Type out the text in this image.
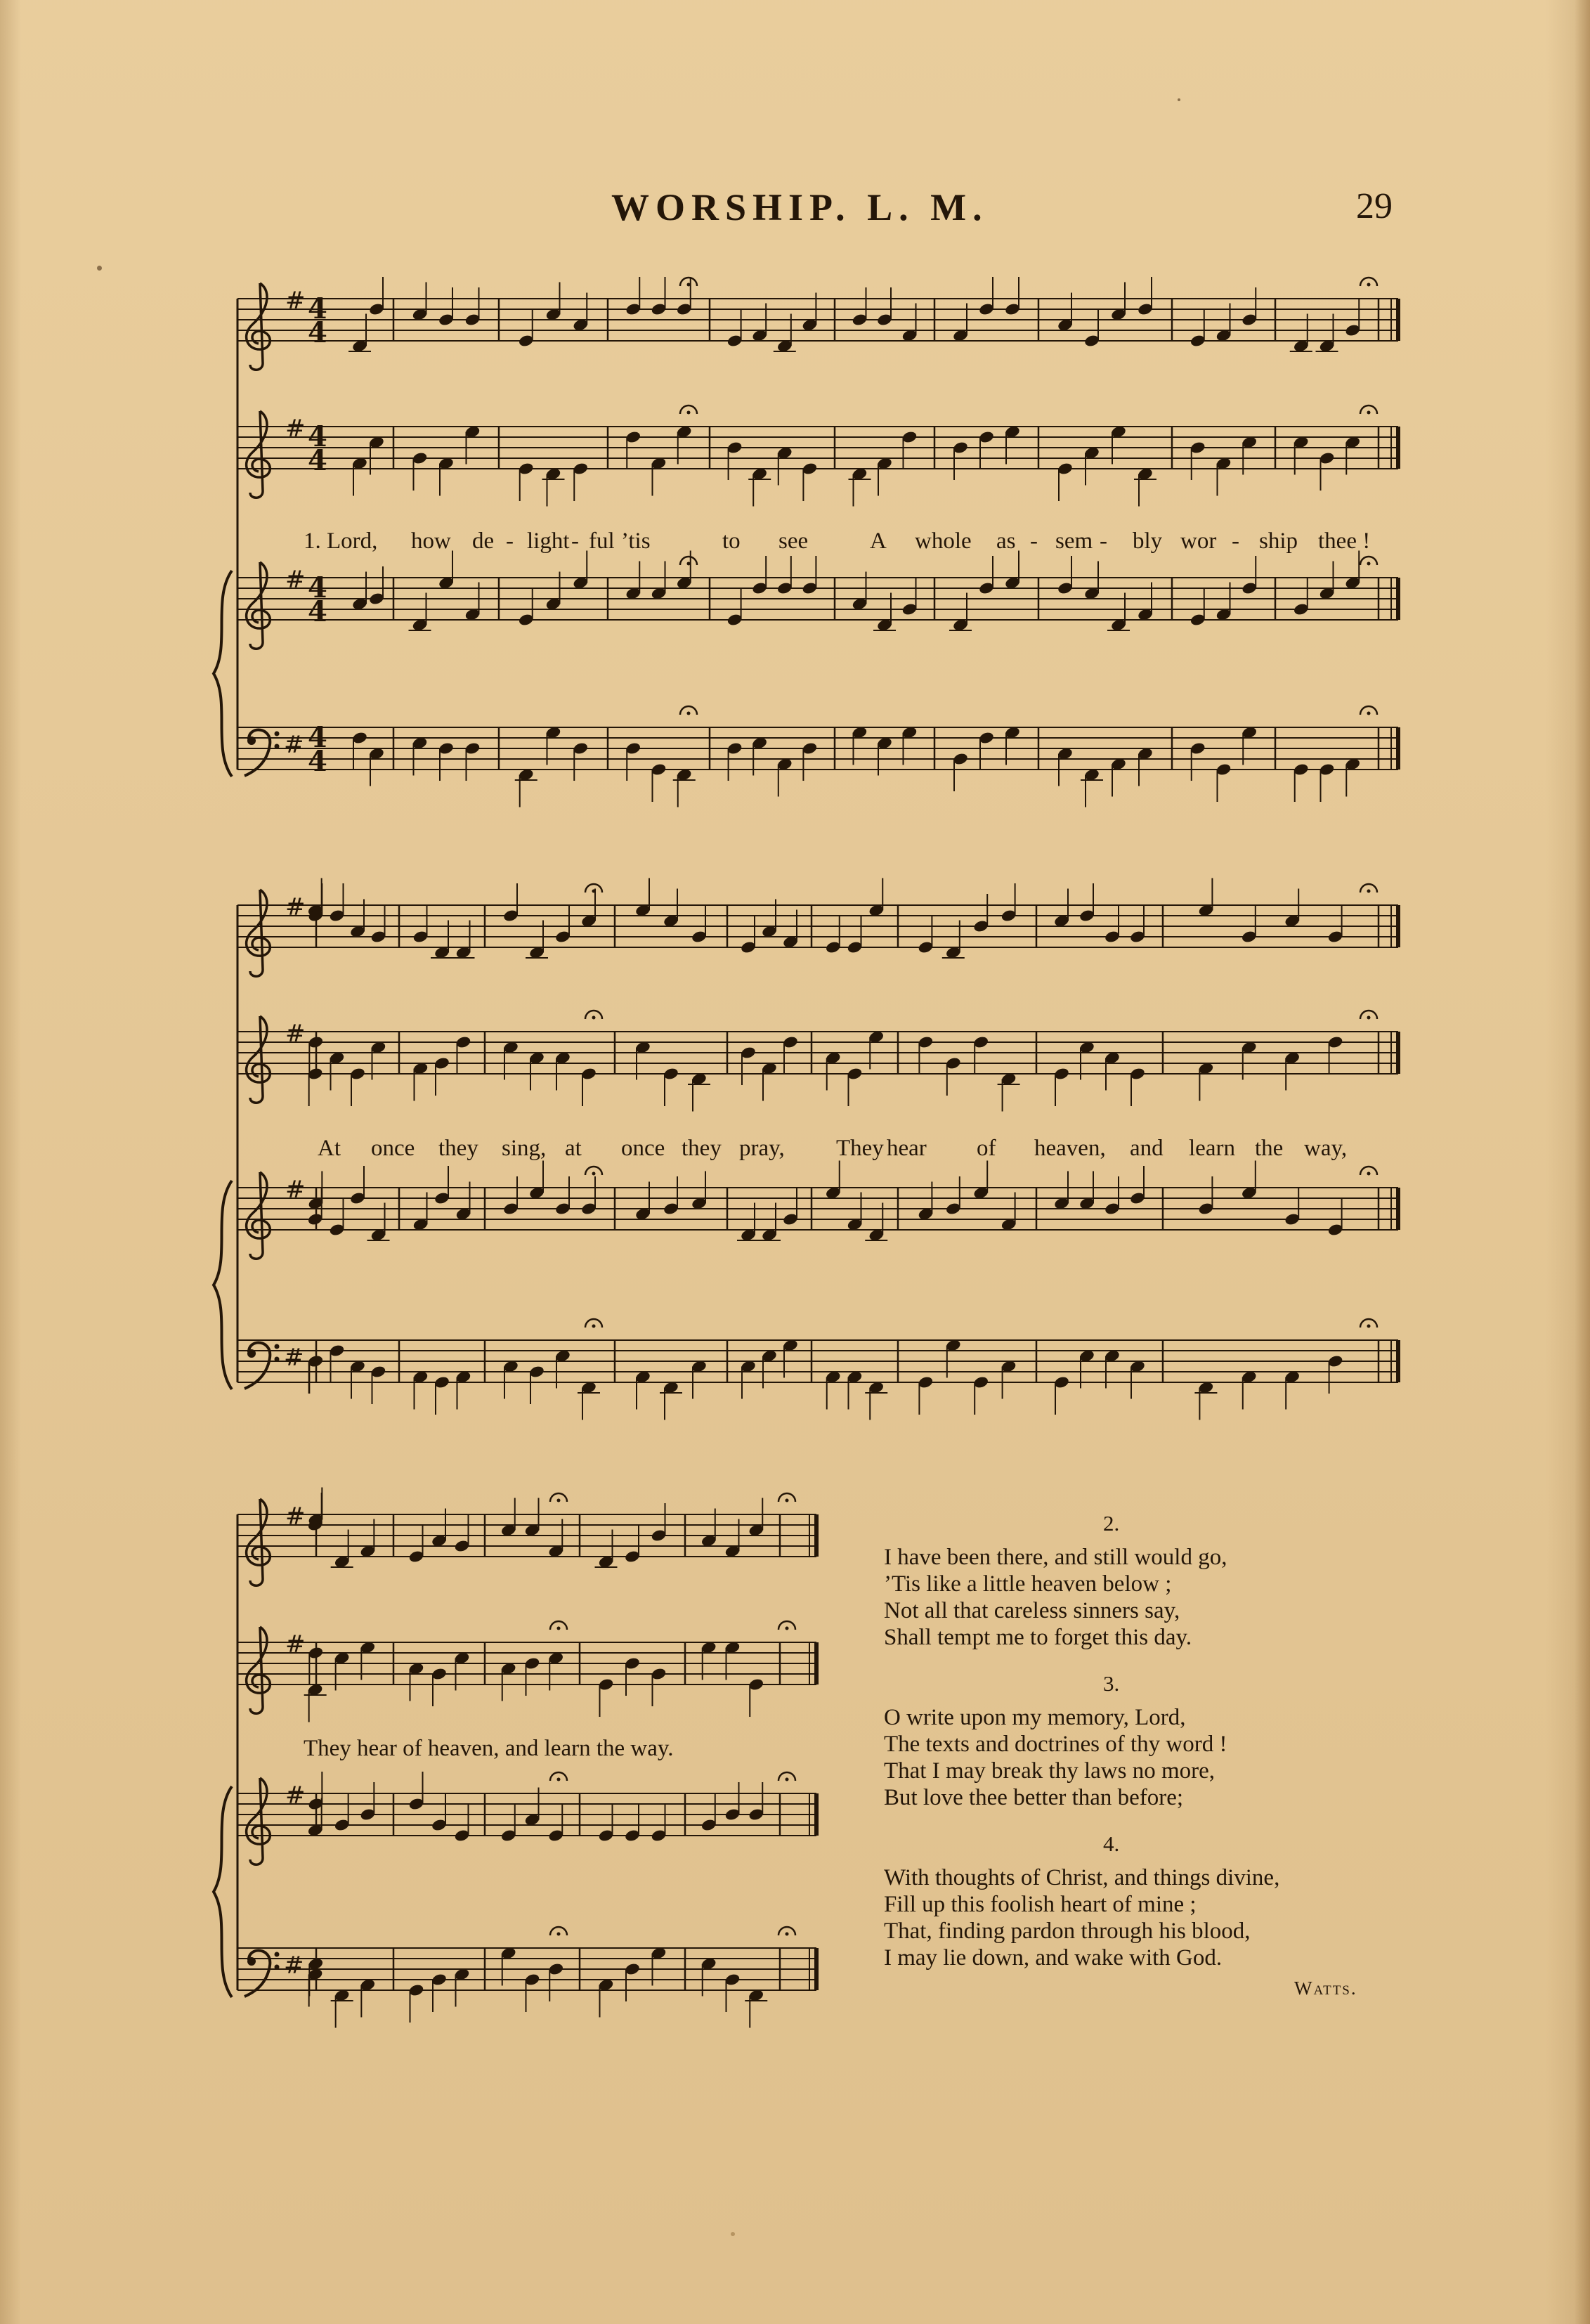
WORSHIP. L. M.	29
# 4
4
# 4
4
# 4
4
# 4
4
#
#
#
#
#
#
#
#
1. Lord, how de - light - ful ’tis	to see	A whole as - sem - bly wor - ship thee !
At once they sing, at once they pray, They hear of heaven, and learn the way,
They hear of heaven, and learn the way.
2.
I have been there, and still would go,
’Tis like a little heaven below ;
Not all that careless sinners say,
Shall tempt me to forget this day.
3.
O write upon my memory, Lord,
The texts and doctrines of thy word !
That I may break thy laws no more,
But love thee better than before;
4.
With thoughts of Christ, and things divine,
Fill up this foolish heart of mine ;
That, finding pardon through his blood,
I may lie down, and wake with God.
Watts.
